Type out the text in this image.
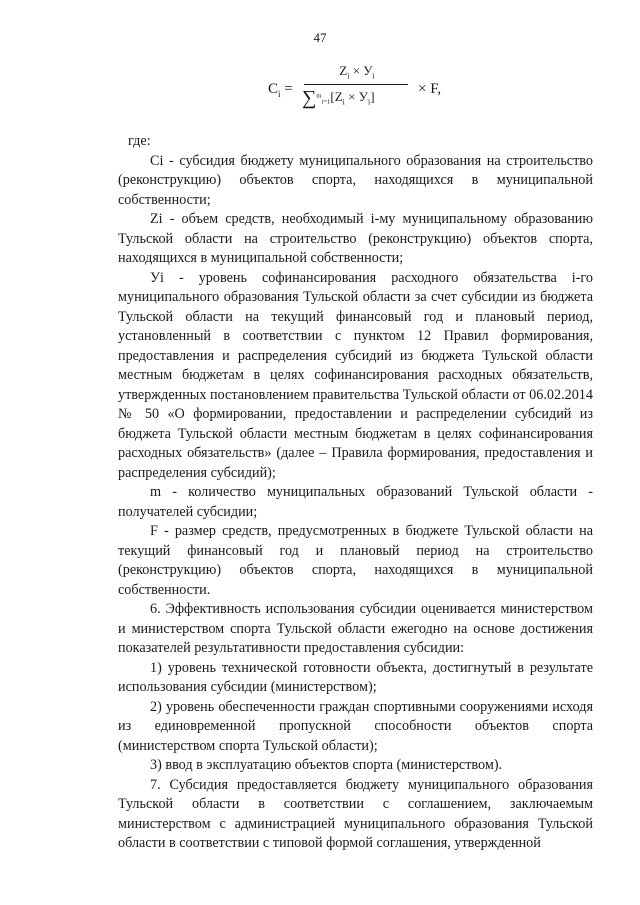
47
$C_i$ =
$Z_i \times У_i$
$\sum^m_{i=1}[Z_i \times У_i]$	× F,

где:

Ci - субсидия бюджету муниципального образования на строительство (реконструкцию) объектов спорта, находящихся в муниципальной собственности;

Zi - объем средств, необходимый i-му муниципальному образованию Тульской области на строительство (реконструкцию) объектов спорта, находящихся в муниципальной собственности;

Уi - уровень софинансирования расходного обязательства i-го муниципального образования Тульской области за счет субсидии из бюджета Тульской области на текущий финансовый год и плановый период, установленный в соответствии с пунктом 12 Правил формирования, предоставления и распределения субсидий из бюджета Тульской области местным бюджетам в целях софинансирования расходных обязательств, утвержденных постановлением правительства Тульской области от 06.02.2014 № 50 «О формировании, предоставлении и распределении субсидий из бюджета Тульской области местным бюджетам в целях софинансирования расходных обязательств» (далее – Правила формирования, предоставления и распределения субсидий);

m - количество муниципальных образований Тульской области - получателей субсидии;

F - размер средств, предусмотренных в бюджете Тульской области на текущий финансовый год и плановый период на строительство (реконструкцию) объектов спорта, находящихся в муниципальной собственности.

6. Эффективность использования субсидии оценивается министерством и министерством спорта Тульской области ежегодно на основе достижения показателей результативности предоставления субсидии:

1) уровень технической готовности объекта, достигнутый в результате использования субсидии (министерством);

2) уровень обеспеченности граждан спортивными сооружениями исходя из единовременной пропускной способности объектов спорта (министерством спорта Тульской области);

3) ввод в эксплуатацию объектов спорта (министерством).

7. Субсидия предоставляется бюджету муниципального образования Тульской области в соответствии с соглашением, заключаемым министерством с администрацией муниципального образования Тульской области в соответствии с типовой формой соглашения, утвержденной
